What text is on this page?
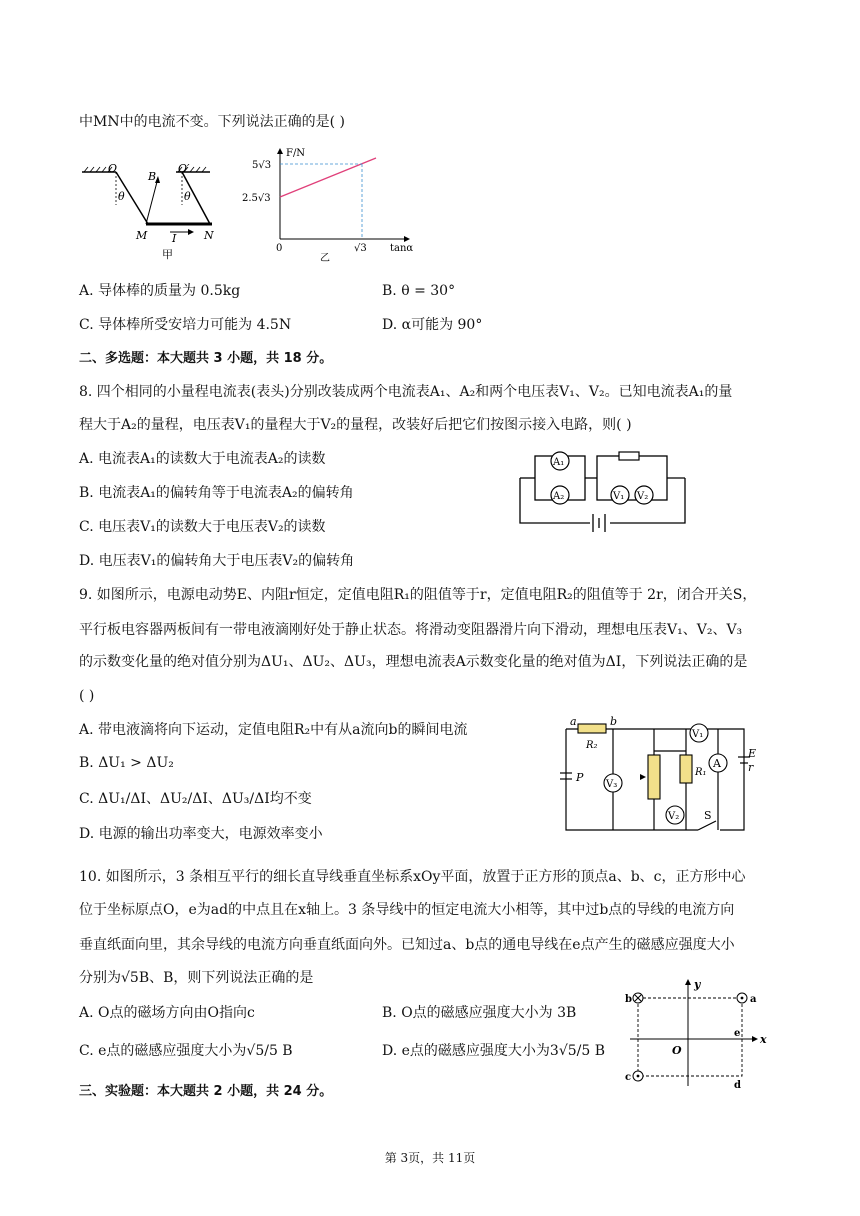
中MN中的电流不变。下列说法正确的是( )
O	O′
θ	θ
B
M I	N
甲
F/N
5√3
2.5√3
0	√3 tanα
乙
A. 导体棒的质量为 0.5kg	B. θ = 30°
C. 导体棒所受安培力可能为 4.5N	D. α可能为 90°
二、多选题：本大题共 3 小题，共 18 分。
8. 四个相同的小量程电流表(表头)分别改装成两个电流表A₁、A₂和两个电压表V₁、V₂。已知电流表A₁的量
程大于A₂的量程，电压表V₁的量程大于V₂的量程，改装好后把它们按图示接入电路，则( )
A. 电流表A₁的读数大于电流表A₂的读数
B. 电流表A₁的偏转角等于电流表A₂的偏转角
C. 电压表V₁的读数大于电压表V₂的读数
D. 电压表V₁的偏转角大于电压表V₂的偏转角
A₁
A₂	V₁ V₂
9. 如图所示，电源电动势E、内阻r恒定，定值电阻R₁的阻值等于r，定值电阻R₂的阻值等于 2r，闭合开关S，
平行板电容器两板间有一带电液滴刚好处于静止状态。将滑动变阻器滑片向下滑动，理想电压表V₁、V₂、V₃
的示数变化量的绝对值分别为ΔU₁、ΔU₂、ΔU₃，理想电流表A示数变化量的绝对值为ΔI，下列说法正确的是
( )
A. 带电液滴将向下运动，定值电阻R₂中有从a流向b的瞬间电流
B. ΔU₁ > ΔU₂
C. ΔU₁/ΔI、ΔU₂/ΔI、ΔU₃/ΔI均不变
D. 电源的输出功率变大，电源效率变小
a	b
R₂
V₁
R₁
A
E
r
P
V₃
V₂ S
10. 如图所示，3 条相互平行的细长直导线垂直坐标系xOy平面，放置于正方形的顶点a、b、c，正方形中心
位于坐标原点O，e为ad的中点且在x轴上。3 条导线中的恒定电流大小相等，其中过b点的导线的电流方向
垂直纸面向里，其余导线的电流方向垂直纸面向外。已知过a、b点的通电导线在e点产生的磁感应强度大小
分别为√5B、B，则下列说法正确的是
A. O点的磁场方向由O指向c	B. O点的磁感应强度大小为 3B
C. e点的磁感应强度大小为√5/5 B	D. e点的磁感应强度大小为3√5/5 B
y
x
O
a
b
c
d
e
三、实验题：本大题共 2 小题，共 24 分。
第 3页，共 11页
